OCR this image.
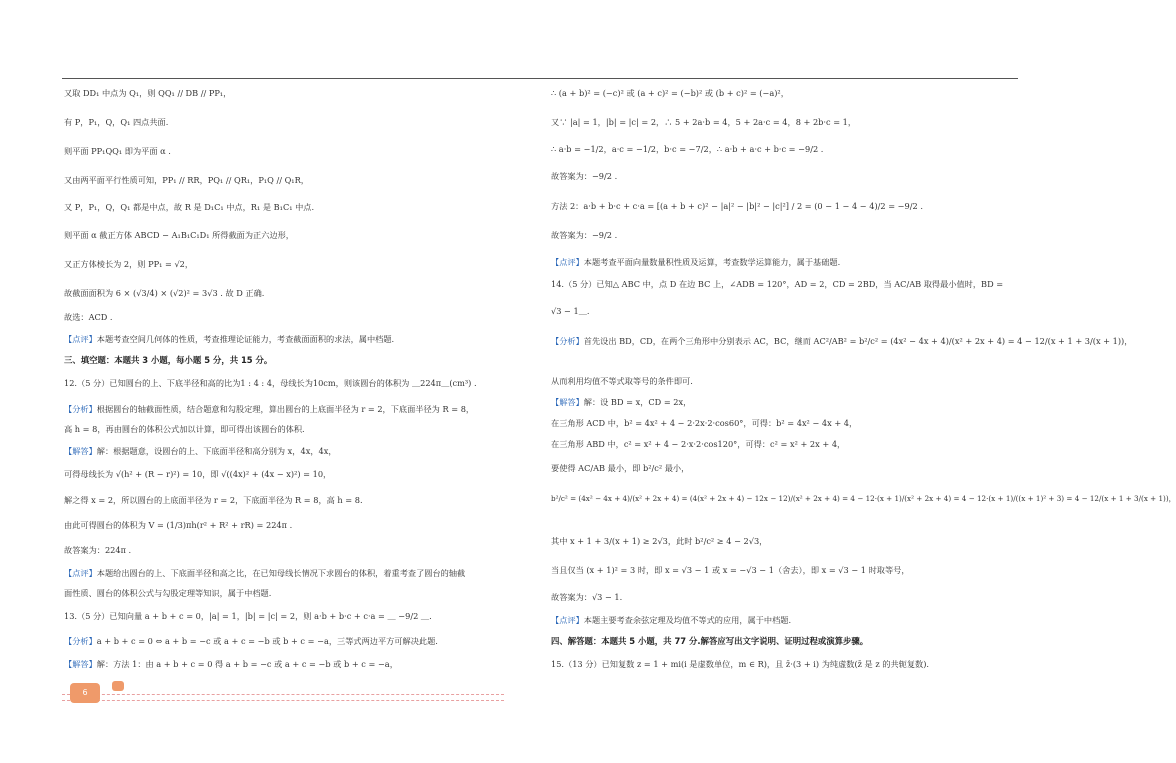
又取 DD₁ 中点为 Q₁，则 QQ₁ // DB // PP₁，
有 P，P₁，Q，Q₁ 四点共面.
则平面 PP₁QQ₁ 即为平面 α .
又由两平面平行性质可知，PP₁ // RR，PQ₁ // QR₁，P₁Q // Q₁R，
又 P，P₁，Q，Q₁ 都是中点，故 R 是 D₁C₁ 中点，R₁ 是 B₁C₁ 中点.
则平面 α 截正方体 ABCD − A₁B₁C₁D₁ 所得截面为正六边形，
又正方体棱长为 2，则 PP₁ = √2，
故截面面积为 6 × (√3/4) × (√2)² = 3√3 . 故 D 正确.
故选：ACD .
【点评】本题考查空间几何体的性质，考查推理论证能力，考查截面面积的求法，属中档题.
三、填空题：本题共 3 小题，每小题 5 分，共 15 分。
12.（5 分）已知圆台的上、下底半径和高的比为1 : 4 : 4，母线长为10cm，则该圆台的体积为 ＿224π＿(cm³) .
【分析】根据圆台的轴截面性质，结合题意和勾股定理，算出圆台的上底面半径为 r = 2，下底面半径为 R = 8，
高 h = 8，再由圆台的体积公式加以计算，即可得出该圆台的体积.
【解答】解：根据题意，设圆台的上、下底面半径和高分别为 x，4x，4x，
可得母线长为 √(h² + (R − r)²) = 10，即 √((4x)² + (4x − x)²) = 10，
解之得 x = 2，所以圆台的上底面半径为 r = 2，下底面半径为 R = 8，高 h = 8.
由此可得圆台的体积为 V = (1/3)πh(r² + R² + rR) = 224π .
故答案为：224π .
【点评】本题给出圆台的上、下底面半径和高之比，在已知母线长情况下求圆台的体积，着重考查了圆台的轴截
面性质、圆台的体积公式与勾股定理等知识，属于中档题.
13.（5 分）已知向量 a + b + c = 0，|a| = 1，|b| = |c| = 2，则 a·b + b·c + c·a = ＿ −9/2 ＿.
【分析】a + b + c = 0 ⇔ a + b = −c 或 a + c = −b 或 b + c = −a，三等式两边平方可解决此题.
【解答】解：方法 1：由 a + b + c = 0 得 a + b = −c 或 a + c = −b 或 b + c = −a，
∴ (a + b)² = (−c)² 或 (a + c)² = (−b)² 或 (b + c)² = (−a)²，
又∵ |a| = 1，|b| = |c| = 2，∴ 5 + 2a·b = 4，5 + 2a·c = 4，8 + 2b·c = 1，
∴ a·b = −1/2，a·c = −1/2，b·c = −7/2，∴ a·b + a·c + b·c = −9/2 .
故答案为：−9/2 .
方法 2：a·b + b·c + c·a = [(a + b + c)² − |a|² − |b|² − |c|²] / 2 = (0 − 1 − 4 − 4)/2 = −9/2 .
故答案为：−9/2 .
【点评】本题考查平面向量数量积性质及运算，考查数学运算能力，属于基础题.
14.（5 分）已知△ ABC 中，点 D 在边 BC 上，∠ADB = 120°，AD = 2，CD = 2BD，当 AC/AB 取得最小值时，BD =
√3 − 1＿.
【分析】首先设出 BD，CD，在两个三角形中分别表示 AC，BC，继而 AC²/AB² = b²/c² = (4x² − 4x + 4)/(x² + 2x + 4) = 4 − 12/(x + 1 + 3/(x + 1))，
从而利用均值不等式取等号的条件即可.
【解答】解：设 BD = x，CD = 2x，
在三角形 ACD 中，b² = 4x² + 4 − 2·2x·2·cos60°，可得：b² = 4x² − 4x + 4，
在三角形 ABD 中，c² = x² + 4 − 2·x·2·cos120°，可得：c² = x² + 2x + 4，
要使得 AC/AB 最小，即 b²/c² 最小，
b²/c² = (4x² − 4x + 4)/(x² + 2x + 4) = (4(x² + 2x + 4) − 12x − 12)/(x² + 2x + 4) = 4 − 12·(x + 1)/(x² + 2x + 4) = 4 − 12·(x + 1)/((x + 1)² + 3) = 4 − 12/(x + 1 + 3/(x + 1))，
其中 x + 1 + 3/(x + 1) ≥ 2√3，此时 b²/c² ≥ 4 − 2√3，
当且仅当 (x + 1)² = 3 时，即 x = √3 − 1 或 x = −√3 − 1（舍去），即 x = √3 − 1 时取等号，
故答案为：√3 − 1.
【点评】本题主要考查余弦定理及均值不等式的应用，属于中档题.
四、解答题：本题共 5 小题，共 77 分.解答应写出文字说明、证明过程或演算步骤。
15.（13 分）已知复数 z = 1 + mi(i 是虚数单位，m ∈ R)，且 z̄·(3 + i) 为纯虚数(z̄ 是 z 的共轭复数).
6
